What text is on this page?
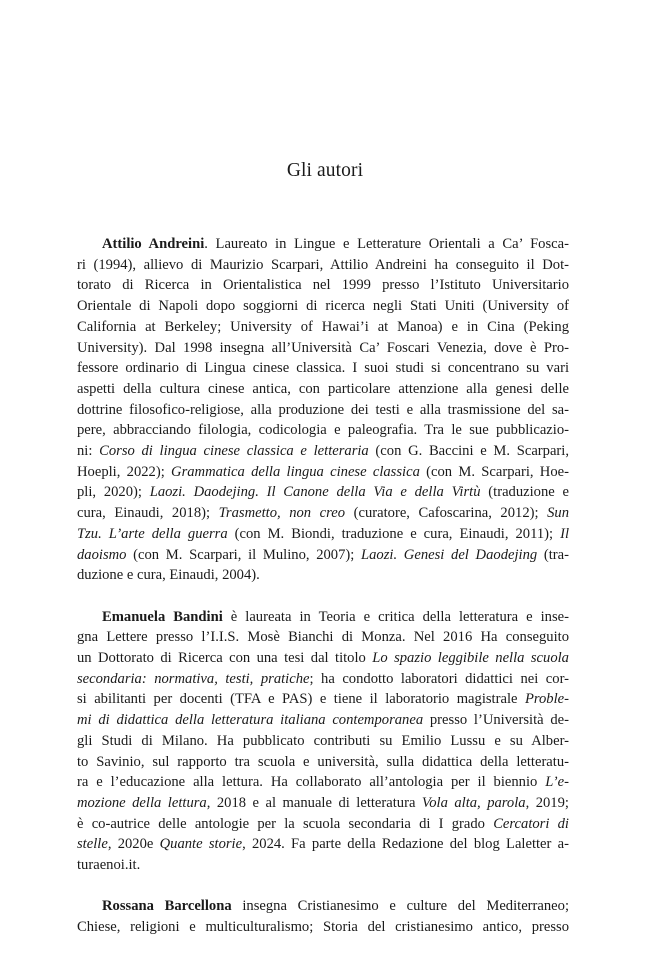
Gli autori
Attilio Andreini. Laureato in Lingue e Letterature Orientali a Ca’ Fosca-
ri (1994), allievo di Maurizio Scarpari, Attilio Andreini ha conseguito il Dot-
torato di Ricerca in Orientalistica nel 1999 presso l’Istituto Universitario
Orientale di Napoli dopo soggiorni di ricerca negli Stati Uniti (University of
California at Berkeley; University of Hawai’i at Manoa) e in Cina (Peking
University). Dal 1998 insegna all’Università Ca’ Foscari Venezia, dove è Pro-
fessore ordinario di Lingua cinese classica. I suoi studi si concentrano su vari
aspetti della cultura cinese antica, con particolare attenzione alla genesi delle
dottrine filosofico-religiose, alla produzione dei testi e alla trasmissione del sa-
pere, abbracciando filologia, codicologia e paleografia. Tra le sue pubblicazio-
ni: Corso di lingua cinese classica e letteraria (con G. Baccini e M. Scarpari,
Hoepli, 2022); Grammatica della lingua cinese classica (con M. Scarpari, Hoe-
pli, 2020); Laozi. Daodejing. Il Canone della Via e della Virtù (traduzione e
cura, Einaudi, 2018); Trasmetto, non creo (curatore, Cafoscarina, 2012); Sun
Tzu. L’arte della guerra (con M. Biondi, traduzione e cura, Einaudi, 2011); Il
daoismo (con M. Scarpari, il Mulino, 2007); Laozi. Genesi del Daodejing (tra-
duzione e cura, Einaudi, 2004).
Emanuela Bandini è laureata in Teoria e critica della letteratura e inse-
gna Lettere presso l’I.I.S. Mosè Bianchi di Monza. Nel 2016 Ha conseguito
un Dottorato di Ricerca con una tesi dal titolo Lo spazio leggibile nella scuola
secondaria: normativa, testi, pratiche; ha condotto laboratori didattici nei cor-
si abilitanti per docenti (TFA e PAS) e tiene il laboratorio magistrale Proble-
mi di didattica della letteratura italiana contemporanea presso l’Università de-
gli Studi di Milano. Ha pubblicato contributi su Emilio Lussu e su Alber-
to Savinio, sul rapporto tra scuola e università, sulla didattica della letteratu-
ra e l’educazione alla lettura. Ha collaborato all’antologia per il biennio L’e-
mozione della lettura, 2018 e al manuale di letteratura Vola alta, parola, 2019;
è co-autrice delle antologie per la scuola secondaria di I grado Cercatori di
stelle, 2020e Quante storie, 2024. Fa parte della Redazione del blog Laletter a-
turaenoi.it.
Rossana Barcellona insegna Cristianesimo e culture del Mediterraneo;
Chiese, religioni e multiculturalismo; Storia del cristianesimo antico, presso
